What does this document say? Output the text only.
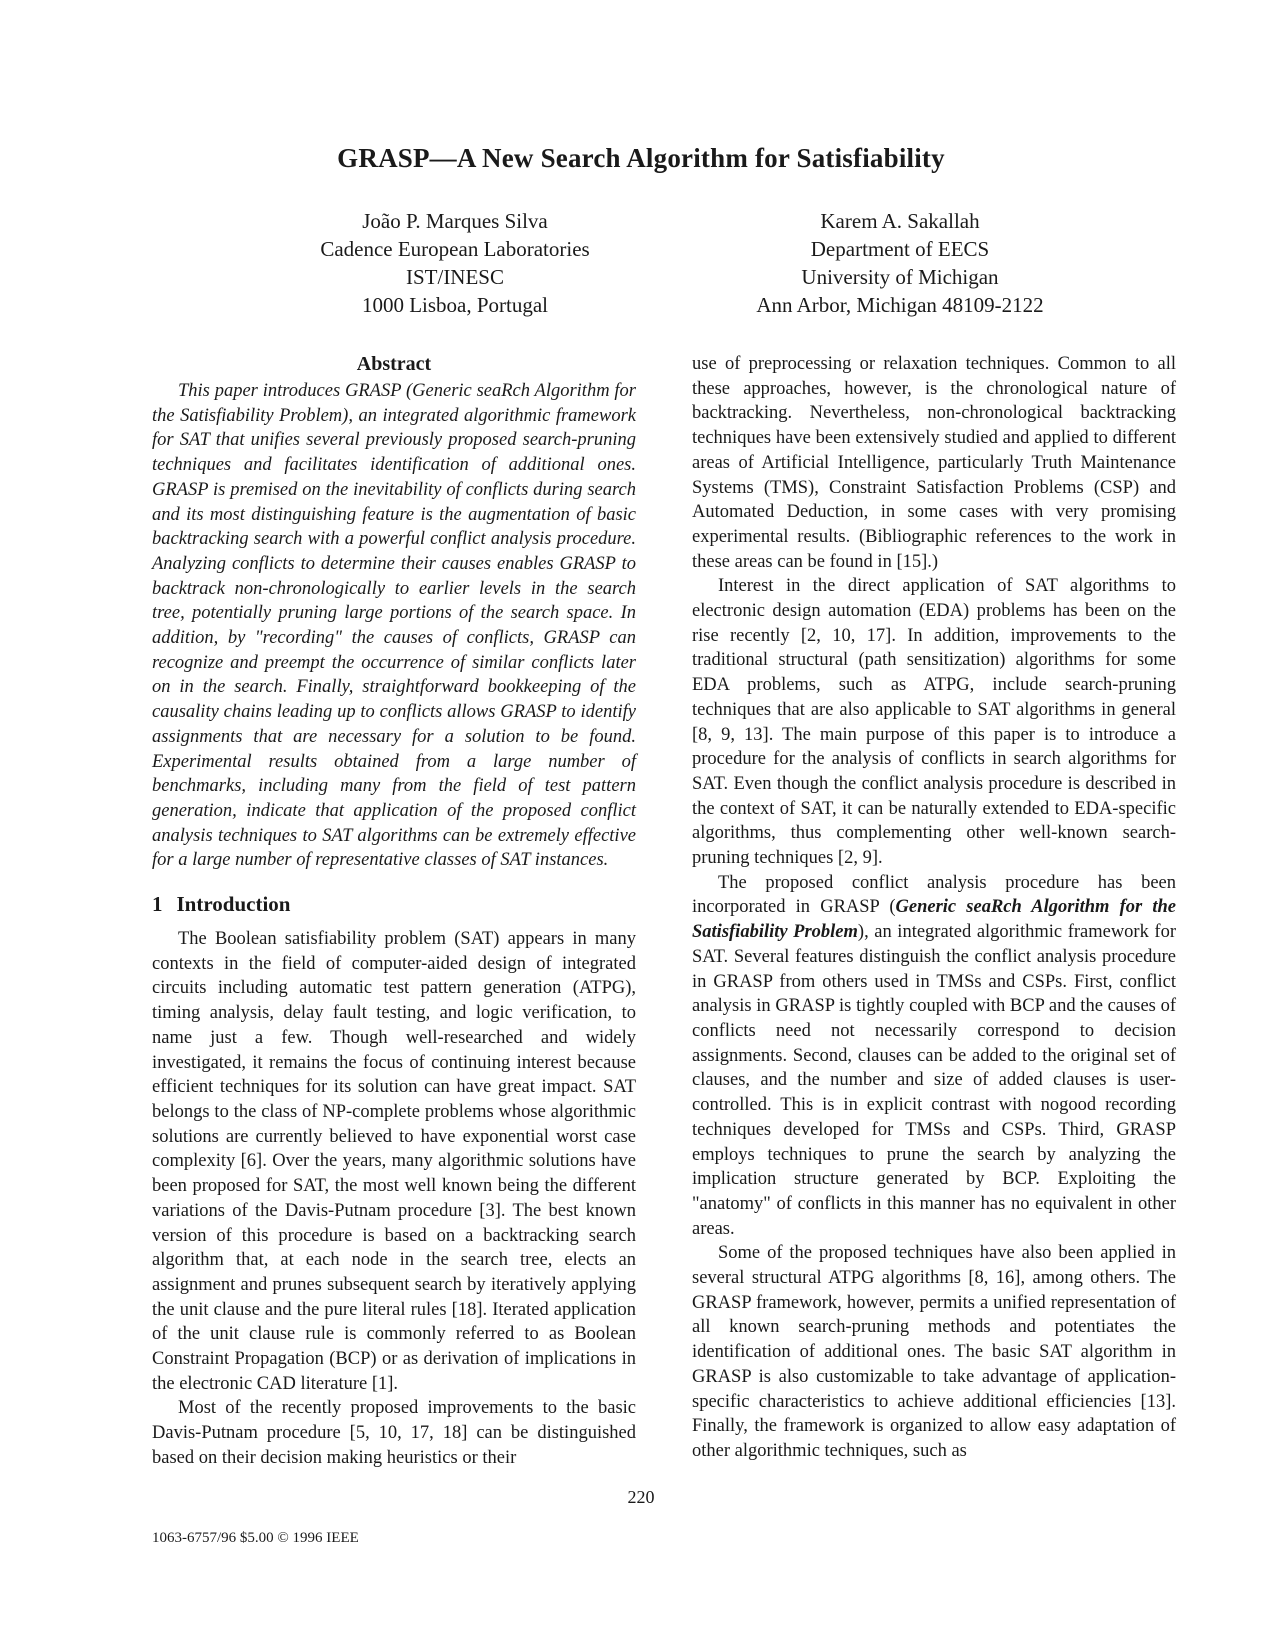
GRASP—A New Search Algorithm for Satisfiability
João P. Marques Silva
Cadence European Laboratories
IST/INESC
1000 Lisboa, Portugal
Karem A. Sakallah
Department of EECS
University of Michigan
Ann Arbor, Michigan 48109-2122
Abstract

This paper introduces GRASP (Generic seaRch Algorithm for the Satisfiability Problem), an integrated algorithmic framework for SAT that unifies several previously proposed search-pruning techniques and facilitates identification of additional ones. GRASP is premised on the inevitability of conflicts during search and its most distinguishing feature is the augmentation of basic backtracking search with a powerful conflict analysis procedure. Analyzing conflicts to determine their causes enables GRASP to backtrack non-chronologically to earlier levels in the search tree, potentially pruning large portions of the search space. In addition, by "recording" the causes of conflicts, GRASP can recognize and preempt the occurrence of similar conflicts later on in the search. Finally, straightforward bookkeeping of the causality chains leading up to conflicts allows GRASP to identify assignments that are necessary for a solution to be found. Experimental results obtained from a large number of benchmarks, including many from the field of test pattern generation, indicate that application of the proposed conflict analysis techniques to SAT algorithms can be extremely effective for a large number of representative classes of SAT instances.

1 Introduction

The Boolean satisfiability problem (SAT) appears in many contexts in the field of computer-aided design of integrated circuits including automatic test pattern generation (ATPG), timing analysis, delay fault testing, and logic verification, to name just a few. Though well-researched and widely investigated, it remains the focus of continuing interest because efficient techniques for its solution can have great impact. SAT belongs to the class of NP-complete problems whose algorithmic solutions are currently believed to have exponential worst case complexity [6]. Over the years, many algorithmic solutions have been proposed for SAT, the most well known being the different variations of the Davis-Putnam procedure [3]. The best known version of this procedure is based on a backtracking search algorithm that, at each node in the search tree, elects an assignment and prunes subsequent search by iteratively applying the unit clause and the pure literal rules [18]. Iterated application of the unit clause rule is commonly referred to as Boolean Constraint Propagation (BCP) or as derivation of implications in the electronic CAD literature [1].

Most of the recently proposed improvements to the basic Davis-Putnam procedure [5, 10, 17, 18] can be distinguished based on their decision making heuristics or their

use of preprocessing or relaxation techniques. Common to all these approaches, however, is the chronological nature of backtracking. Nevertheless, non-chronological backtracking techniques have been extensively studied and applied to different areas of Artificial Intelligence, particularly Truth Maintenance Systems (TMS), Constraint Satisfaction Problems (CSP) and Automated Deduction, in some cases with very promising experimental results. (Bibliographic references to the work in these areas can be found in [15].)

Interest in the direct application of SAT algorithms to electronic design automation (EDA) problems has been on the rise recently [2, 10, 17]. In addition, improvements to the traditional structural (path sensitization) algorithms for some EDA problems, such as ATPG, include search-pruning techniques that are also applicable to SAT algorithms in general [8, 9, 13]. The main purpose of this paper is to introduce a procedure for the analysis of conflicts in search algorithms for SAT. Even though the conflict analysis procedure is described in the context of SAT, it can be naturally extended to EDA-specific algorithms, thus complementing other well-known search-pruning techniques [2, 9].

The proposed conflict analysis procedure has been incorporated in GRASP (Generic seaRch Algorithm for the Satisfiability Problem), an integrated algorithmic framework for SAT. Several features distinguish the conflict analysis procedure in GRASP from others used in TMSs and CSPs. First, conflict analysis in GRASP is tightly coupled with BCP and the causes of conflicts need not necessarily correspond to decision assignments. Second, clauses can be added to the original set of clauses, and the number and size of added clauses is user-controlled. This is in explicit contrast with nogood recording techniques developed for TMSs and CSPs. Third, GRASP employs techniques to prune the search by analyzing the implication structure generated by BCP. Exploiting the "anatomy" of conflicts in this manner has no equivalent in other areas.

Some of the proposed techniques have also been applied in several structural ATPG algorithms [8, 16], among others. The GRASP framework, however, permits a unified representation of all known search-pruning methods and potentiates the identification of additional ones. The basic SAT algorithm in GRASP is also customizable to take advantage of application-specific characteristics to achieve additional efficiencies [13]. Finally, the framework is organized to allow easy adaptation of other algorithmic techniques, such as

220
1063-6757/96 $5.00 © 1996 IEEE
